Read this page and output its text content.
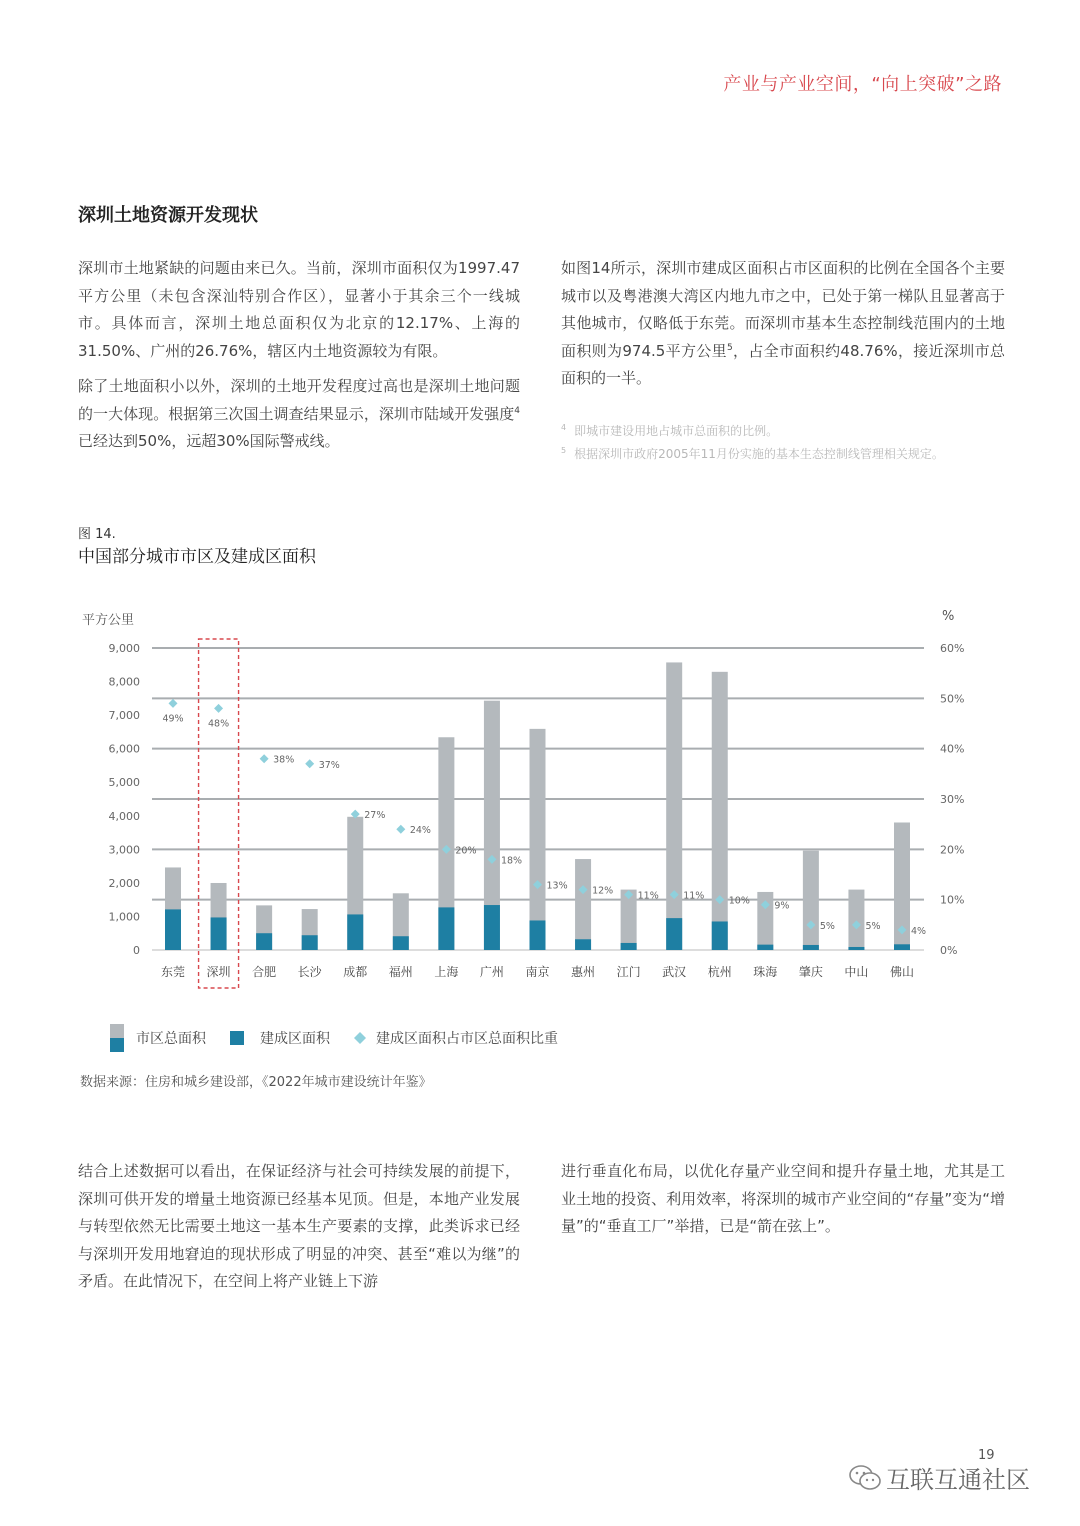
产业与产业空间，“向上突破”之路
深圳土地资源开发现状

深圳市土地紧缺的问题由来已久。当前，深圳市面积仅为1997.47平方公里（未包含深汕特别合作区），显著小于其余三个一线城市。具体而言，深圳土地总面积仅为北京的12.17%、上海的31.50%、广州的26.76%，辖区内土地资源较为有限。

除了土地面积小以外，深圳的土地开发程度过高也是深圳土地问题的一大体现。根据第三次国土调查结果显示，深圳市陆域开发强度$^4$已经达到50%，远超30%国际警戒线。

如图14所示，深圳市建成区面积占市区面积的比例在全国各个主要城市以及粤港澳大湾区内地九市之中，已处于第一梯队且显著高于其他城市，仅略低于东莞。而深圳市基本生态控制线范围内的土地面积则为974.5平方公里$^5$，占全市面积约48.76%，接近深圳市总面积的一半。

$^4$ 即城市建设用地占城市总面积的比例。
$^5$ 根据深圳市政府2005年11月份实施的基本生态控制线管理相关规定。
图 14.
中国部分城市市区及建成区面积
平方公里	%
60%
50%
40%
30%
20%
10%
0%
9,000
8,000
7,000
6,000
5,000
4,000
3,000
2,000
1,000
0
49%
东莞
48%
深圳
38%
合肥
37%
长沙
27%
成都
24%
福州
20%
上海
18%
广州
13%
南京
12%
惠州
11%
江门
11%
武汉
10%
杭州
9%
珠海
5%
肇庆
5%
中山
4%
佛山
市区总面积	建成区面积	建成区面积占市区总面积比重
数据来源：住房和城乡建设部，《2022年城市建设统计年鉴》
结合上述数据可以看出，在保证经济与社会可持续发展的前提下，深圳可供开发的增量土地资源已经基本见顶。但是，本地产业发展与转型依然无比需要土地这一基本生产要素的支撑，此类诉求已经与深圳开发用地窘迫的现状形成了明显的冲突、甚至“难以为继”的矛盾。在此情况下，在空间上将产业链上下游
进行垂直化布局，以优化存量产业空间和提升存量土地，尤其是工业土地的投资、利用效率，将深圳的城市产业空间的“存量”变为“增量”的“垂直工厂”举措，已是“箭在弦上”。
19
互联互通社区
